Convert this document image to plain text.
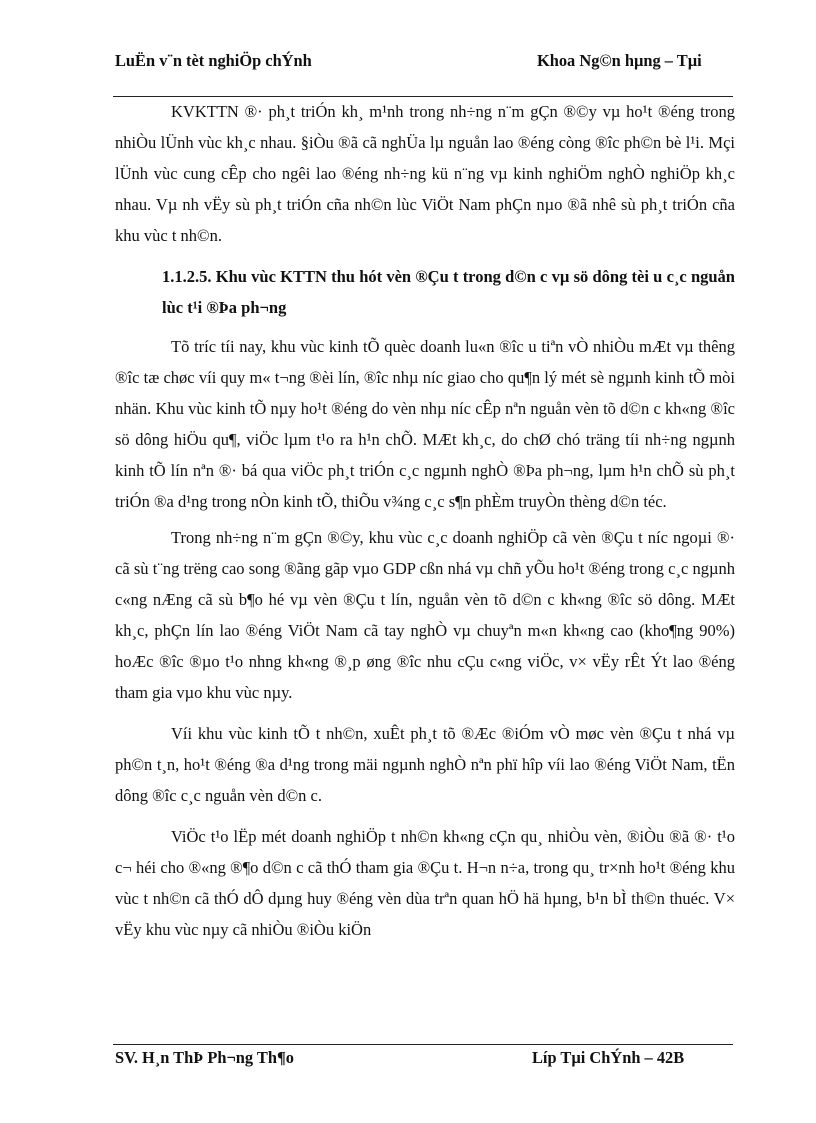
LuËn v¨n tèt nghiÖp chÝnh	Khoa Ng©n hµng – Tµi

KVKTTN ®· ph¸t triÓn kh¸ m¹nh trong nh÷ng n¨m gÇn ®©y vµ ho¹t ®éng trong nhiÒu lÜnh vùc kh¸c nhau. §iÒu ®ã cã nghÜa lµ nguån lao ®éng còng ®îc ph©n bè l¹i. Mçi lÜnh vùc cung cÊp cho ngêi lao ®éng nh÷ng kü n¨ng vµ kinh nghiÖm nghÒ nghiÖp kh¸c nhau. Vµ nh vËy sù ph¸t triÓn cña nh©n lùc ViÖt Nam phÇn nµo ®ã nhê sù ph¸t triÓn cña khu vùc t nh©n.

1.1.2.5. Khu vùc KTTN thu hót vèn ®Çu t trong d©n c vµ sö dông tèi u c¸c nguån lùc t¹i ®Þa ph¬ng

Tõ tríc tíi nay, khu vùc kinh tÕ quèc doanh lu«n ®îc u tiªn vÒ nhiÒu mÆt vµ thêng ®îc tæ chøc víi quy m« t¬ng ®èi lín, ®îc nhµ níc giao cho qu¶n lý mét sè ngµnh kinh tÕ mòi nhän. Khu vùc kinh tÕ nµy ho¹t ®éng do vèn nhµ níc cÊp nªn nguån vèn tõ d©n c kh«ng ®îc sö dông hiÖu qu¶, viÖc lµm t¹o ra h¹n chÕ. MÆt kh¸c, do chØ chó träng tíi nh÷ng ngµnh kinh tÕ lín nªn ®· bá qua viÖc ph¸t triÓn c¸c ngµnh nghÒ ®Þa ph¬ng, lµm h¹n chÕ sù ph¸t triÓn ®a d¹ng trong nÒn kinh tÕ, thiÕu v¾ng c¸c s¶n phÈm truyÒn thèng d©n téc.

Trong nh÷ng n¨m gÇn ®©y, khu vùc c¸c doanh nghiÖp cã vèn ®Çu t níc ngoµi ®· cã sù t¨ng trëng cao song ®ãng gãp vµo GDP cßn nhá vµ chñ yÕu ho¹t ®éng trong c¸c ngµnh c«ng nÆng cã sù b¶o hé vµ vèn ®Çu t lín, nguån vèn tõ d©n c kh«ng ®îc sö dông. MÆt kh¸c, phÇn lín lao ®éng ViÖt Nam cã tay nghÒ vµ chuyªn m«n kh«ng cao (kho¶ng 90%) hoÆc ®îc ®µo t¹o nhng kh«ng ®¸p øng ®îc nhu cÇu c«ng viÖc, v× vËy rÊt Ýt lao ®éng tham gia vµo khu vùc nµy.

Víi khu vùc kinh tÕ t nh©n, xuÊt ph¸t tõ ®Æc ®iÓm vÒ møc vèn ®Çu t nhá vµ ph©n t¸n, ho¹t ®éng ®a d¹ng trong mäi ngµnh nghÒ nªn phï hîp víi lao ®éng ViÖt Nam, tËn dông ®îc c¸c nguån vèn d©n c.

ViÖc t¹o lËp mét doanh nghiÖp t nh©n kh«ng cÇn qu¸ nhiÒu vèn, ®iÒu ®ã ®· t¹o c¬ héi cho ®«ng ®¶o d©n c cã thÓ tham gia ®Çu t. H¬n n÷a, trong qu¸ tr×nh ho¹t ®éng khu vùc t nh©n cã thÓ dÔ dµng huy ®éng vèn dùa trªn quan hÖ hä hµng, b¹n bÌ th©n thuéc. V× vËy khu vùc nµy cã nhiÒu ®iÒu kiÖn

SV. H¸n ThÞ Ph¬ng Th¶o	Líp Tµi ChÝnh – 42B
